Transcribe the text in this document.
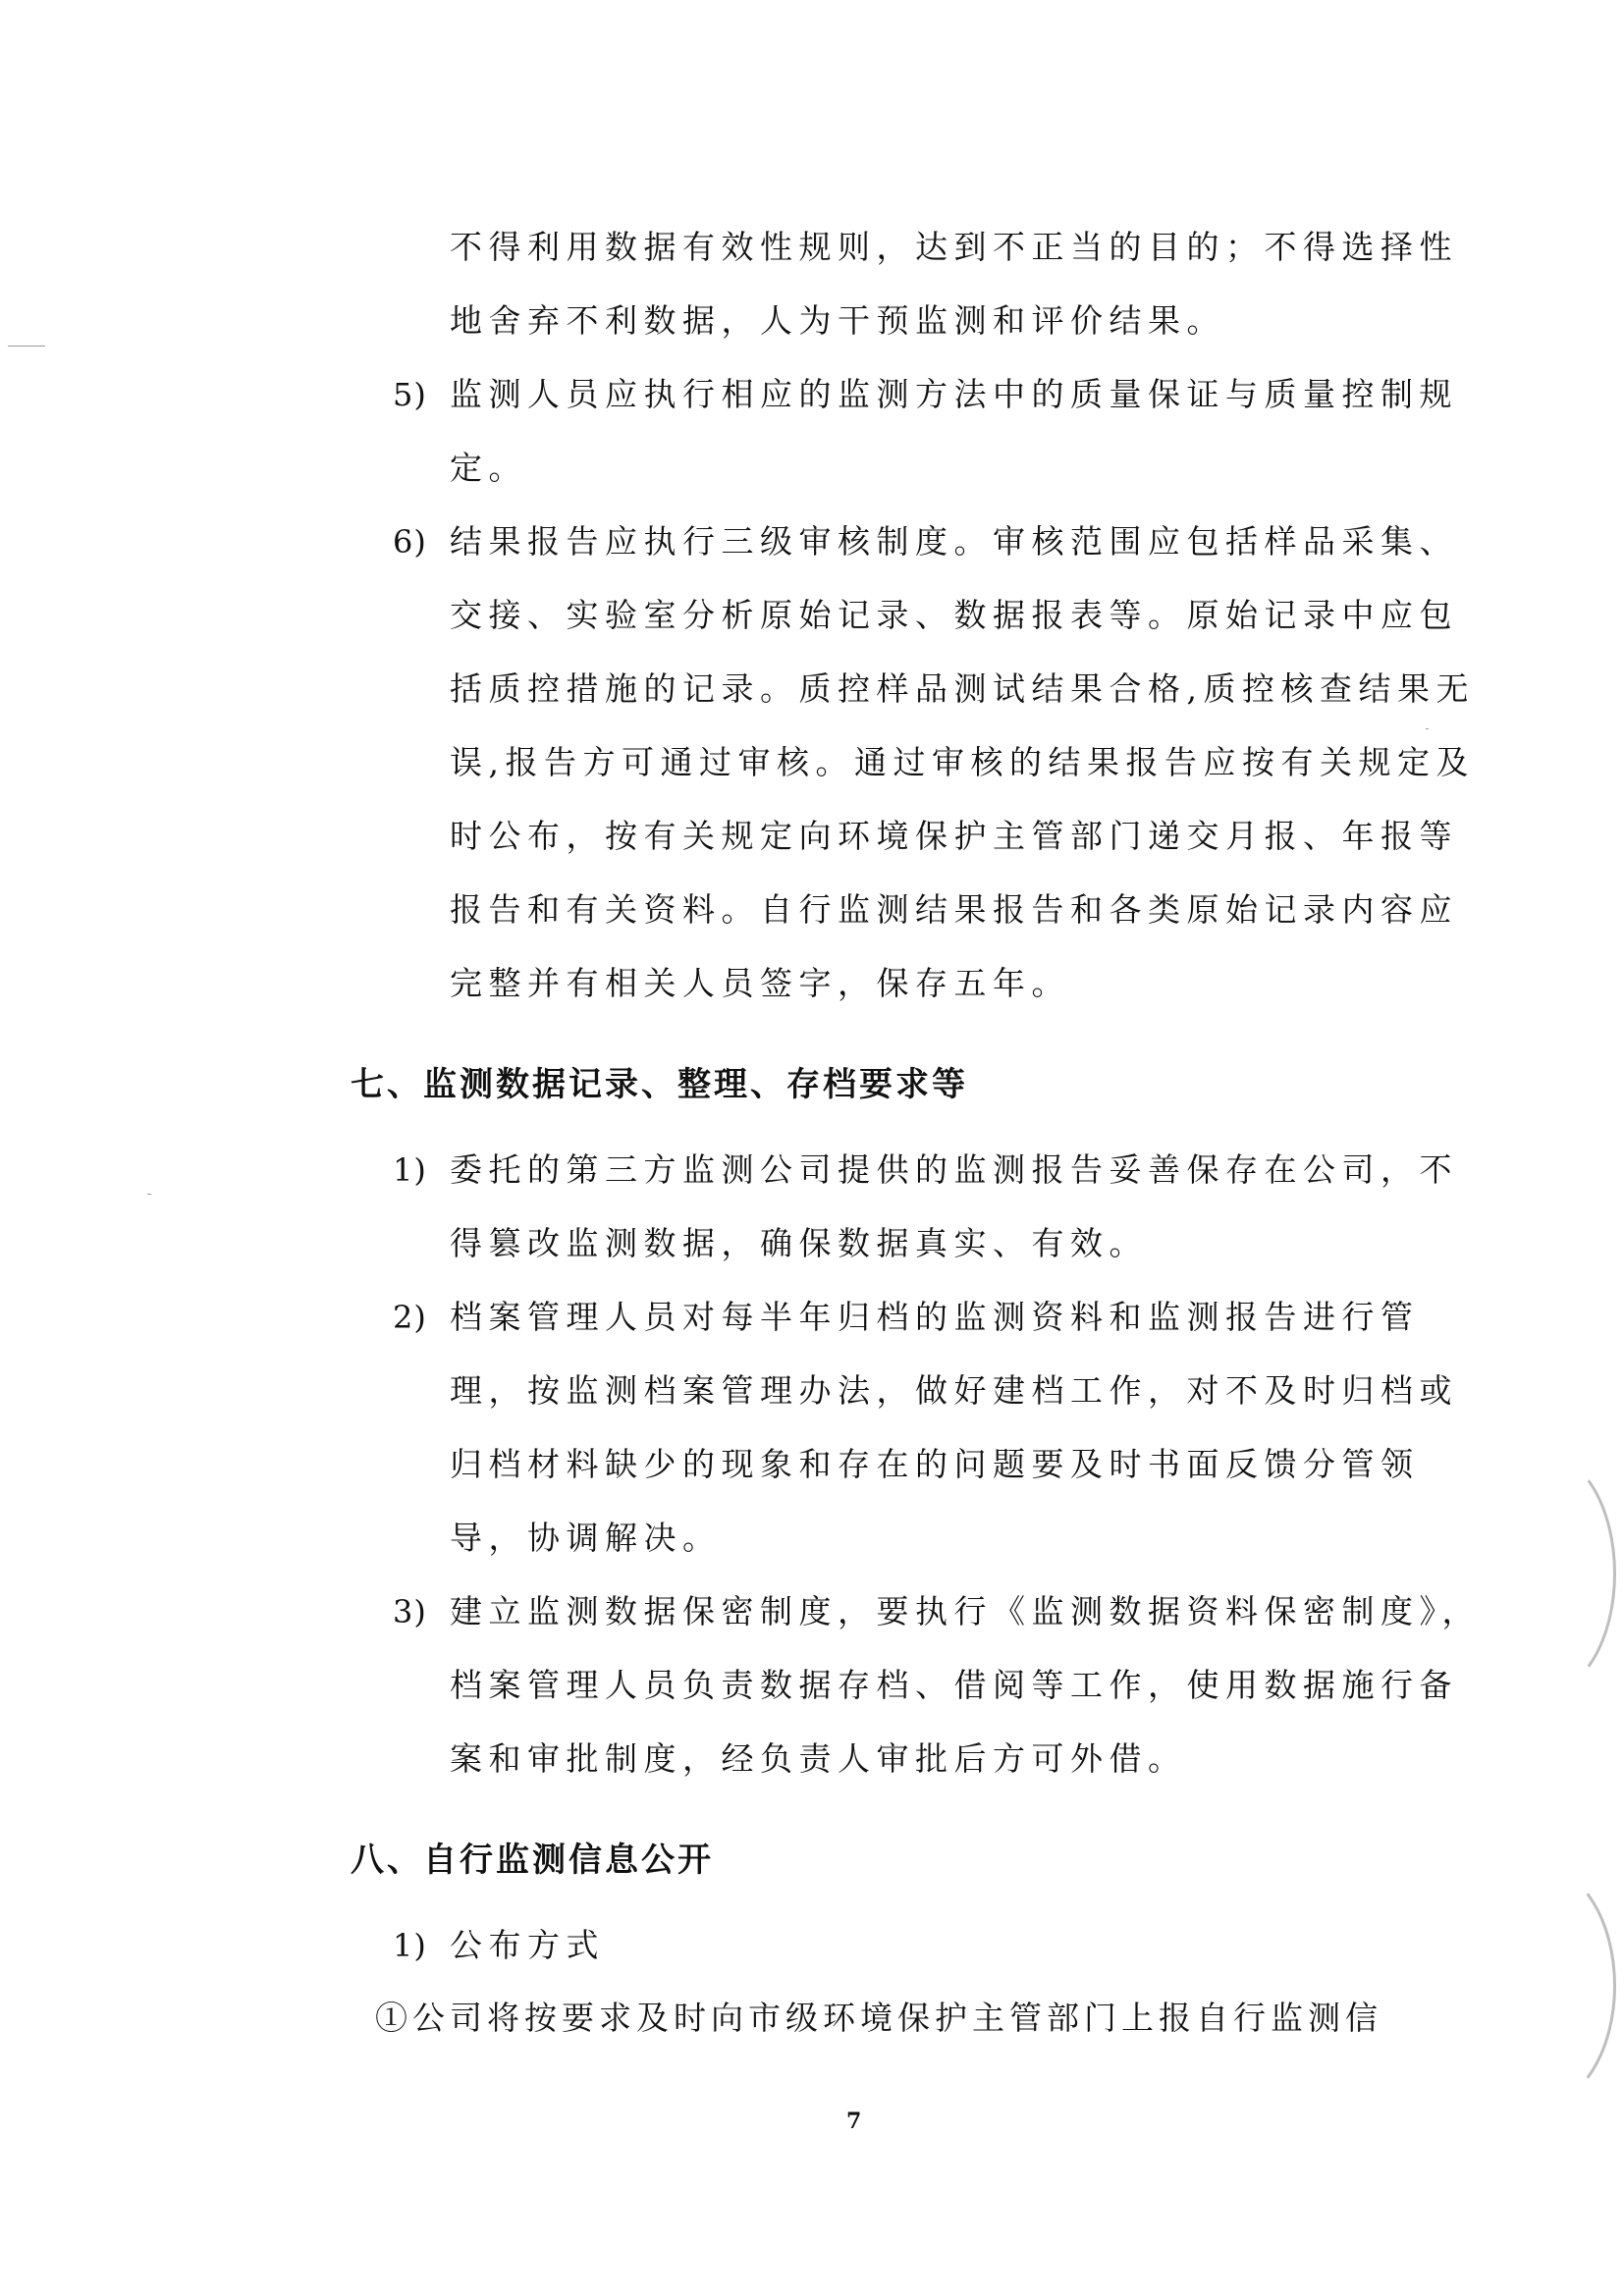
不得利用数据有效性规则，达到不正当的目的；不得选择性
地舍弃不利数据，人为干预监测和评价结果。
5) 监测人员应执行相应的监测方法中的质量保证与质量控制规
定。
6) 结果报告应执行三级审核制度。审核范围应包括样品采集、
交接、实验室分析原始记录、数据报表等。原始记录中应包
括质控措施的记录。质控样品测试结果合格,质控核查结果无
误,报告方可通过审核。通过审核的结果报告应按有关规定及
时公布，按有关规定向环境保护主管部门递交月报、年报等
报告和有关资料。自行监测结果报告和各类原始记录内容应
完整并有相关人员签字，保存五年。
七、监测数据记录、整理、存档要求等
1) 委托的第三方监测公司提供的监测报告妥善保存在公司，不
得篡改监测数据，确保数据真实、有效。
2) 档案管理人员对每半年归档的监测资料和监测报告进行管
理，按监测档案管理办法，做好建档工作，对不及时归档或
归档材料缺少的现象和存在的问题要及时书面反馈分管领
导，协调解决。
3) 建立监测数据保密制度，要执行《监测数据资料保密制度》，
档案管理人员负责数据存档、借阅等工作，使用数据施行备
案和审批制度，经负责人审批后方可外借。
八、自行监测信息公开
1) 公布方式
①公司将按要求及时向市级环境保护主管部门上报自行监测信
7
